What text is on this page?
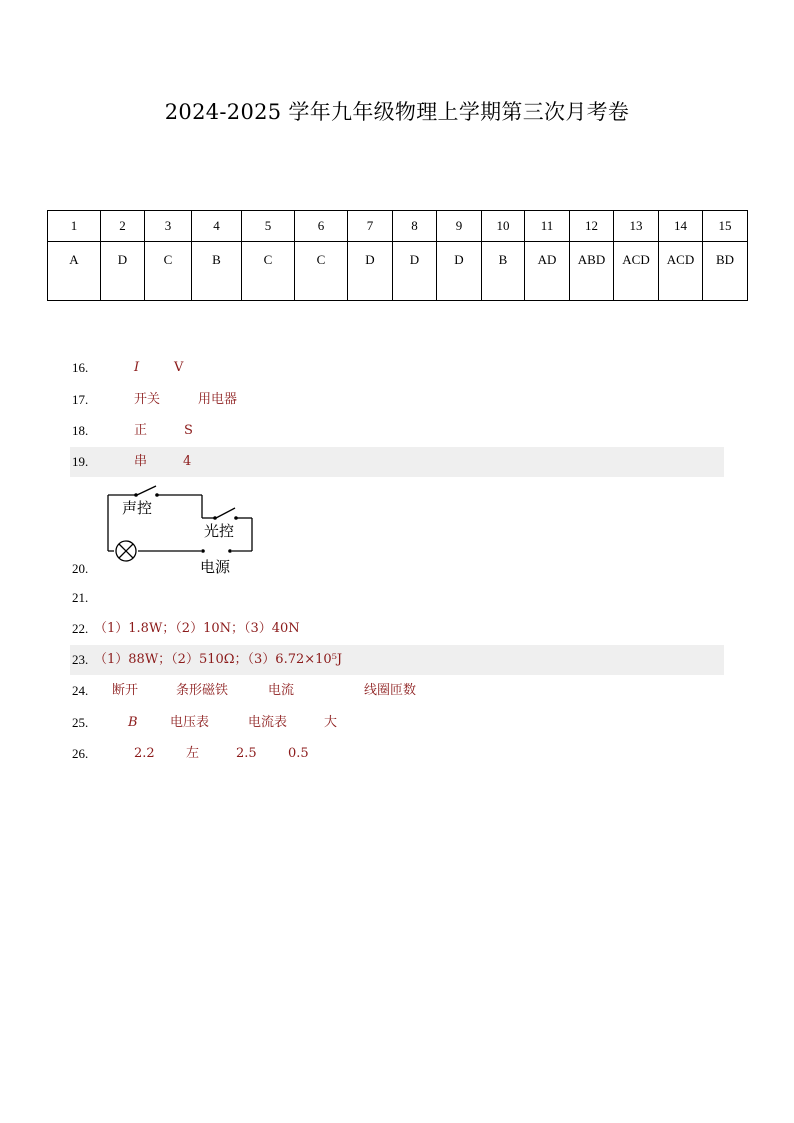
2024-2025 学年九年级物理上学期第三次月考卷
1	2	3	4	5	6	7	8	9	10	11	12	13	14	15
A	D	C	B	C	C	D	D	D	B	AD	ABD	ACD	ACD	BD
16.	I	V
17.	开关	用电器
18.	正	S
19.	串	4
声控
光控
电源
20.
21.
22. （1）1.8W；（2）10N；（3）40N
23. （1）88W；（2）510Ω；（3）6.72×10⁵J
24. 断开	条形磁铁	电流	线圈匝数
25.	B 电压表	电流表	大
26.	2.2 左	2.5 0.5
